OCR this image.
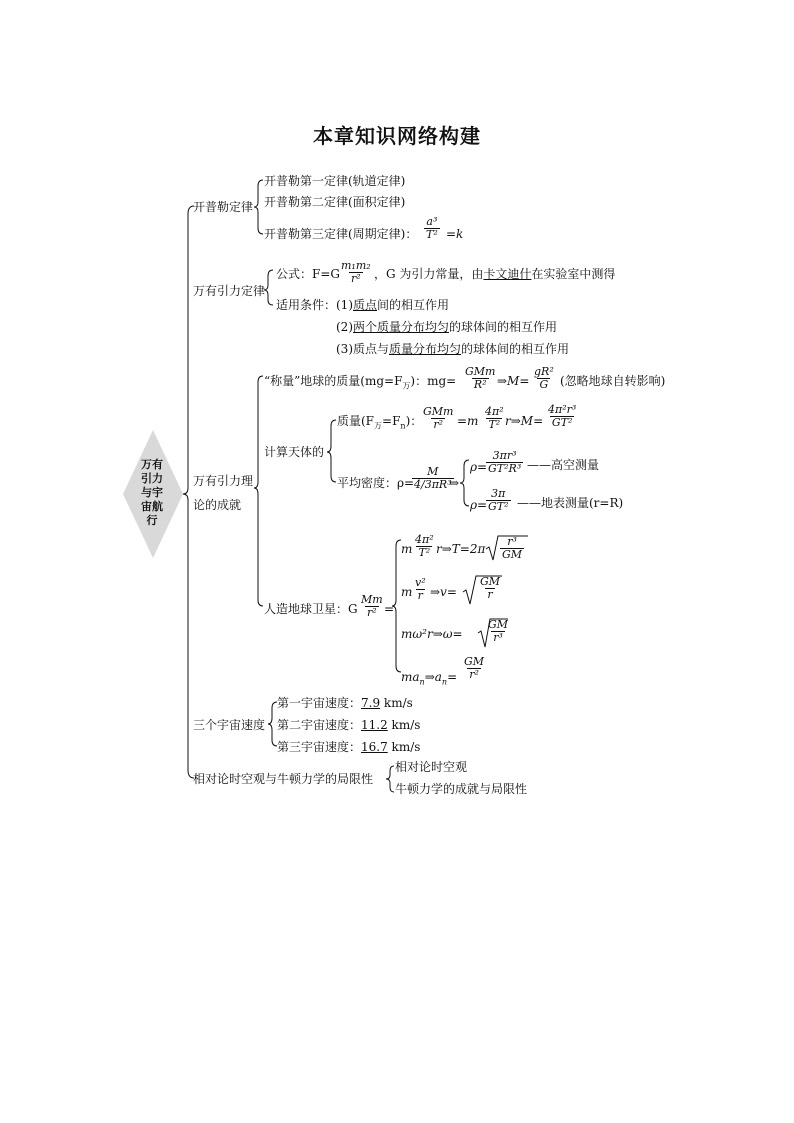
本章知识网络构建
万有
引力
与宇
宙航
行
开普勒定律
开普勒第一定律(轨道定律)
开普勒第二定律(面积定律)
开普勒第三定律(周期定律)： $\frac{\text{a³}}{\text{T²}} =k$
万有引力定律
公式：$F=G \frac{\text{m₁m₂}}{\text{r²}}$ ，G 为引力常量，由卡文迪什在实验室中测得
适用条件：(1)质点间的相互作用
(2)两个质量分布均匀的球体间的相互作用
(3)质点与质量分布均匀的球体间的相互作用
万有引力理
论的成就
“称量”地球的质量$(mg=F_万)$：mg=
GMm
R² ⇒M= $\frac{\text{gR²}}{G}$ (忽略地球自转影响)
计算天体的
质量$(F_万=F_n)$：
GMm
$r^2 =m \frac{\text{4π²}}{\text{T²}}$ r⇒M= $\frac{\text{4π²r³}}{\text{GT²}}$
平均密度：ρ=
$\frac{M}{\text{4/3πR³}}$
⇒
ρ=
$\frac{\text{3πr³}}{\text{GT²R³}}$ ——高空测量
ρ=
$\frac{3\pi}{\text{GT²}}$ ——地表测量(r=R)
人造地球卫星：G $\frac{Mm}{\text{r²}}$ =
m $\frac{\text{4π²}}{\text{T²}}$ r⇒T=2π $\frac{\text{r³}}{GM}$
m $\frac{\text{v²}}{r}$ ⇒v= $\frac{GM}{r}$
mω²r⇒ω= $\frac{GM}{\text{r³}}$
$ma_n\Rightarrow a_n= \frac{GM}{\text{r²}}$
三个宇宙速度
第一宇宙速度：7.9 km/s
第二宇宙速度：11.2 km/s
第三宇宙速度：16.7 km/s
相对论时空观与牛顿力学的局限性
相对论时空观
牛顿力学的成就与局限性
